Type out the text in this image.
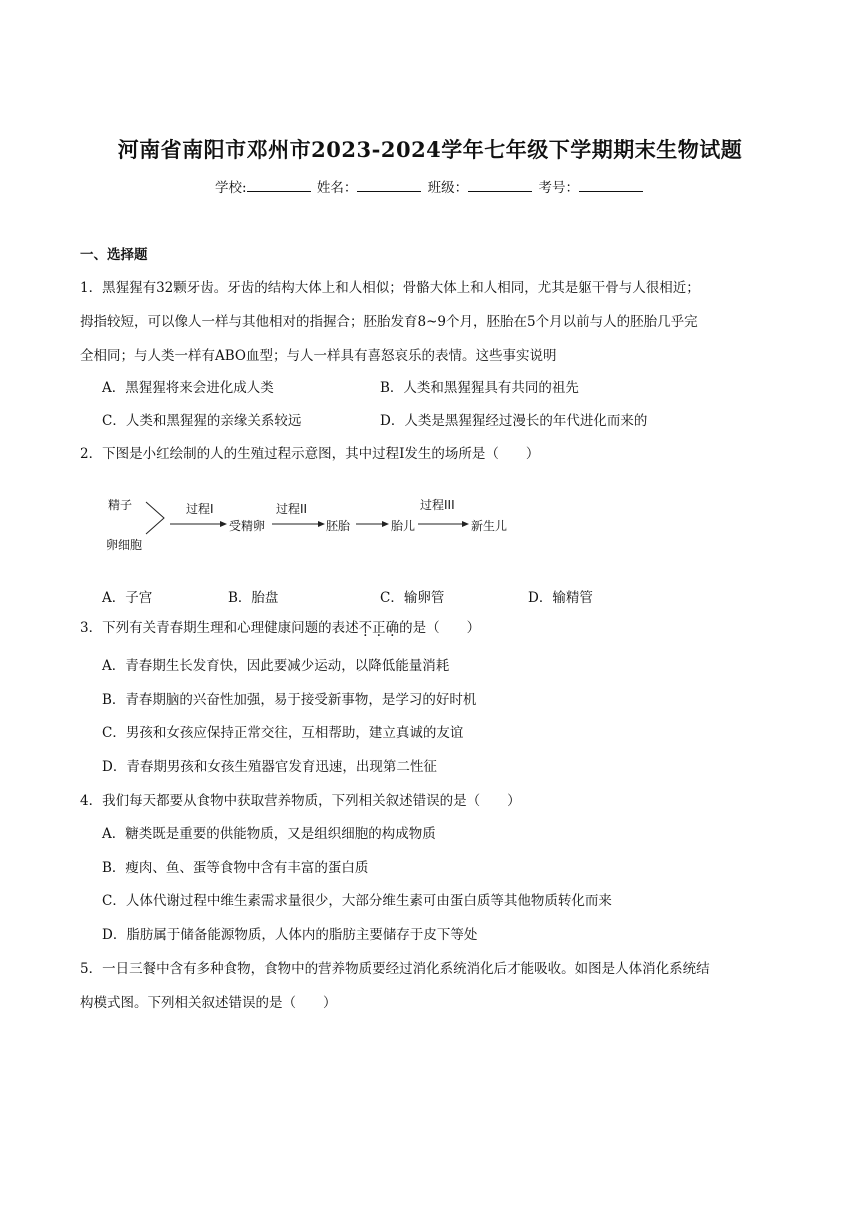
河南省南阳市邓州市2023-2024学年七年级下学期期末生物试题
学校:	姓名：	班级：	考号：
一、选择题
1．黑猩猩有32颗牙齿。牙齿的结构大体上和人相似；骨骼大体上和人相同，尤其是躯干骨与人很相近；
拇指较短，可以像人一样与其他相对的指握合；胚胎发育8~9个月，胚胎在5个月以前与人的胚胎几乎完
全相同；与人类一样有ABO血型；与人一样具有喜怒哀乐的表情。这些事实说明
A．黑猩猩将来会进化成人类	B．人类和黑猩猩具有共同的祖先
C．人类和黑猩猩的亲缘关系较远	D．人类是黑猩猩经过漫长的年代进化而来的
2．下图是小红绘制的人的生殖过程示意图，其中过程Ⅰ发生的场所是（　　）
精子
卵细胞
过程I	过程II	过程III
受精卵	胚胎	胎儿	新生儿
A．子宫	B．胎盘	C．输卵管	D．输精管
3．下列有关青春期生理和心理健康问题的表述不正确的是（　　）
A．青春期生长发育快，因此要减少运动，以降低能量消耗
B．青春期脑的兴奋性加强，易于接受新事物，是学习的好时机
C．男孩和女孩应保持正常交往，互相帮助，建立真诚的友谊
D．青春期男孩和女孩生殖器官发育迅速，出现第二性征
4．我们每天都要从食物中获取营养物质，下列相关叙述错误的是（　　）
A．糖类既是重要的供能物质，又是组织细胞的构成物质
B．瘦肉、鱼、蛋等食物中含有丰富的蛋白质
C．人体代谢过程中维生素需求量很少，大部分维生素可由蛋白质等其他物质转化而来
D．脂肪属于储备能源物质，人体内的脂肪主要储存于皮下等处
5．一日三餐中含有多种食物，食物中的营养物质要经过消化系统消化后才能吸收。如图是人体消化系统结
构模式图。下列相关叙述错误的是（　　）
